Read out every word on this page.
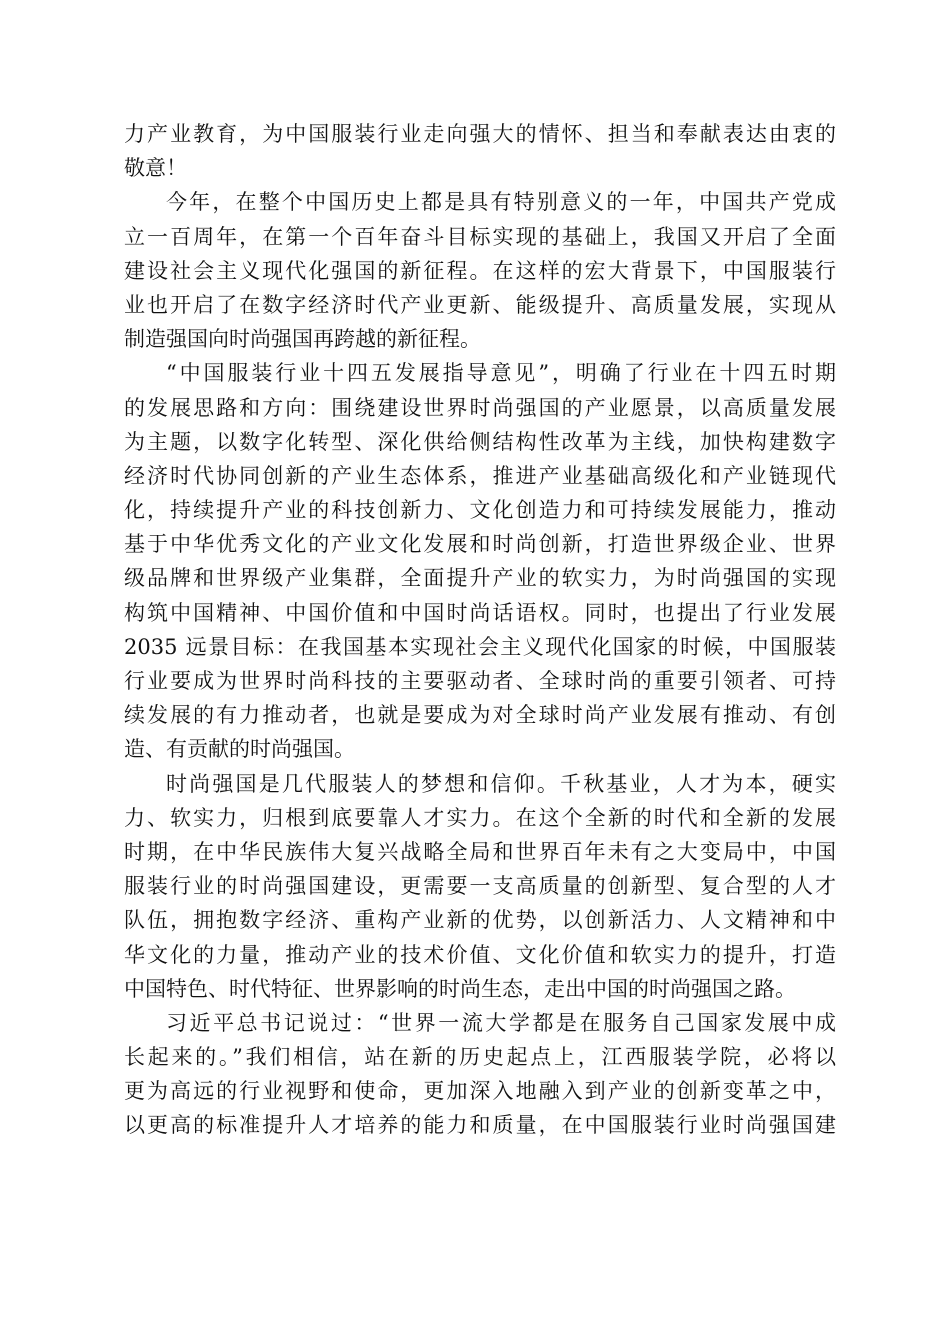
力产业教育，为中国服装行业走向强大的情怀、担当和奉献表达由衷的
敬意！
今年，在整个中国历史上都是具有特别意义的一年，中国共产党成
立一百周年，在第一个百年奋斗目标实现的基础上，我国又开启了全面
建设社会主义现代化强国的新征程。在这样的宏大背景下，中国服装行
业也开启了在数字经济时代产业更新、能级提升、高质量发展，实现从
制造强国向时尚强国再跨越的新征程。
“中国服装行业十四五发展指导意见”，明确了行业在十四五时期
的发展思路和方向：围绕建设世界时尚强国的产业愿景，以高质量发展
为主题，以数字化转型、深化供给侧结构性改革为主线，加快构建数字
经济时代协同创新的产业生态体系，推进产业基础高级化和产业链现代
化，持续提升产业的科技创新力、文化创造力和可持续发展能力，推动
基于中华优秀文化的产业文化发展和时尚创新，打造世界级企业、世界
级品牌和世界级产业集群，全面提升产业的软实力，为时尚强国的实现
构筑中国精神、中国价值和中国时尚话语权。同时，也提出了行业发展
2035 远景目标：在我国基本实现社会主义现代化国家的时候，中国服装
行业要成为世界时尚科技的主要驱动者、全球时尚的重要引领者、可持
续发展的有力推动者，也就是要成为对全球时尚产业发展有推动、有创
造、有贡献的时尚强国。
时尚强国是几代服装人的梦想和信仰。千秋基业，人才为本，硬实
力、软实力，归根到底要靠人才实力。在这个全新的时代和全新的发展
时期，在中华民族伟大复兴战略全局和世界百年未有之大变局中，中国
服装行业的时尚强国建设，更需要一支高质量的创新型、复合型的人才
队伍，拥抱数字经济、重构产业新的优势，以创新活力、人文精神和中
华文化的力量，推动产业的技术价值、文化价值和软实力的提升，打造
中国特色、时代特征、世界影响的时尚生态，走出中国的时尚强国之路。
习近平总书记说过：“世界一流大学都是在服务自己国家发展中成
长起来的。”我们相信，站在新的历史起点上，江西服装学院，必将以
更为高远的行业视野和使命，更加深入地融入到产业的创新变革之中，
以更高的标准提升人才培养的能力和质量，在中国服装行业时尚强国建
